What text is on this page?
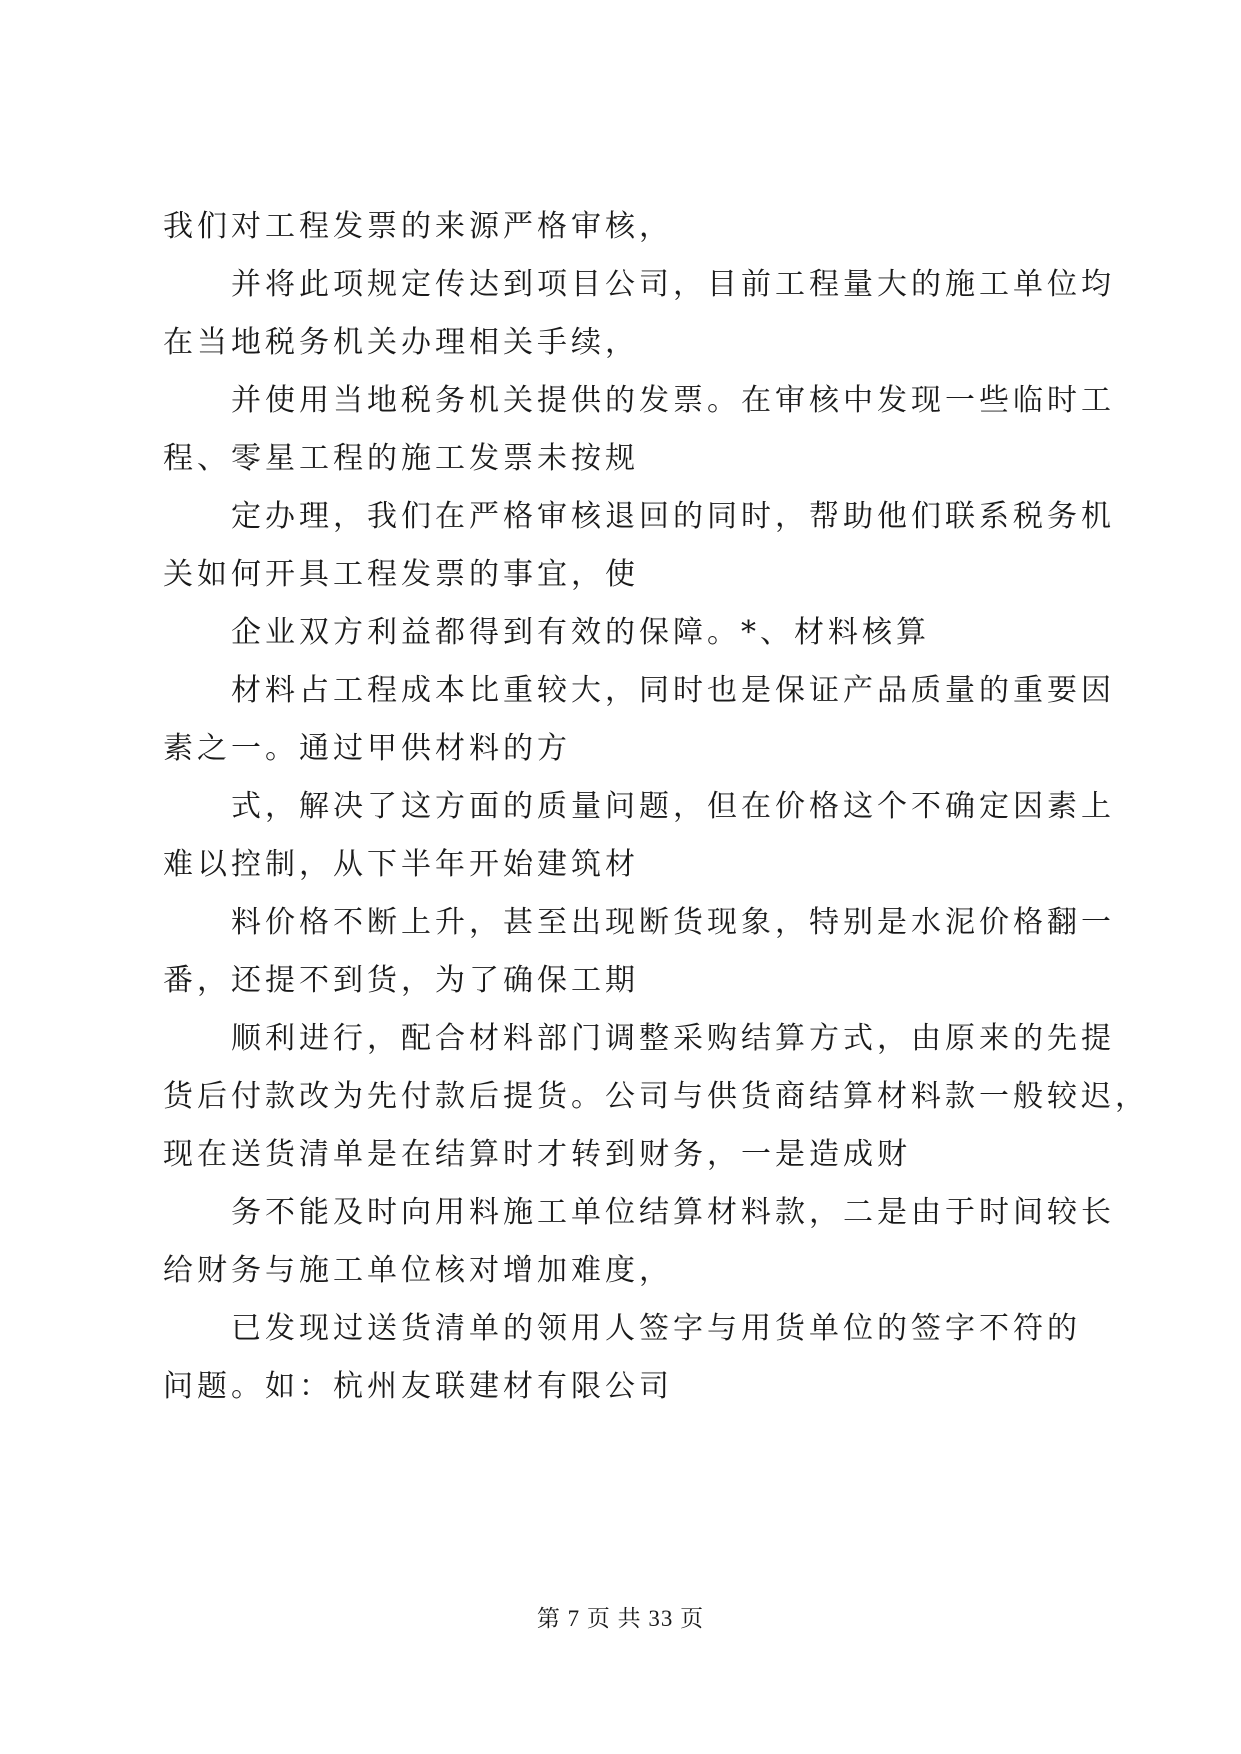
我们对工程发票的来源严格审核，

并将此项规定传达到项目公司，目前工程量大的施工单位均

在当地税务机关办理相关手续，

并使用当地税务机关提供的发票。在审核中发现一些临时工

程、零星工程的施工发票未按规

定办理，我们在严格审核退回的同时，帮助他们联系税务机

关如何开具工程发票的事宜，使

企业双方利益都得到有效的保障。*、材料核算

材料占工程成本比重较大，同时也是保证产品质量的重要因

素之一。通过甲供材料的方

式，解决了这方面的质量问题，但在价格这个不确定因素上

难以控制，从下半年开始建筑材

料价格不断上升，甚至出现断货现象，特别是水泥价格翻一

番，还提不到货，为了确保工期

顺利进行，配合材料部门调整采购结算方式，由原来的先提

货后付款改为先付款后提货。公司与供货商结算材料款一般较迟，

现在送货清单是在结算时才转到财务，一是造成财

务不能及时向用料施工单位结算材料款，二是由于时间较长

给财务与施工单位核对增加难度，

已发现过送货清单的领用人签字与用货单位的签字不符的

问题。如：杭州友联建材有限公司

第 7 页 共 33 页
